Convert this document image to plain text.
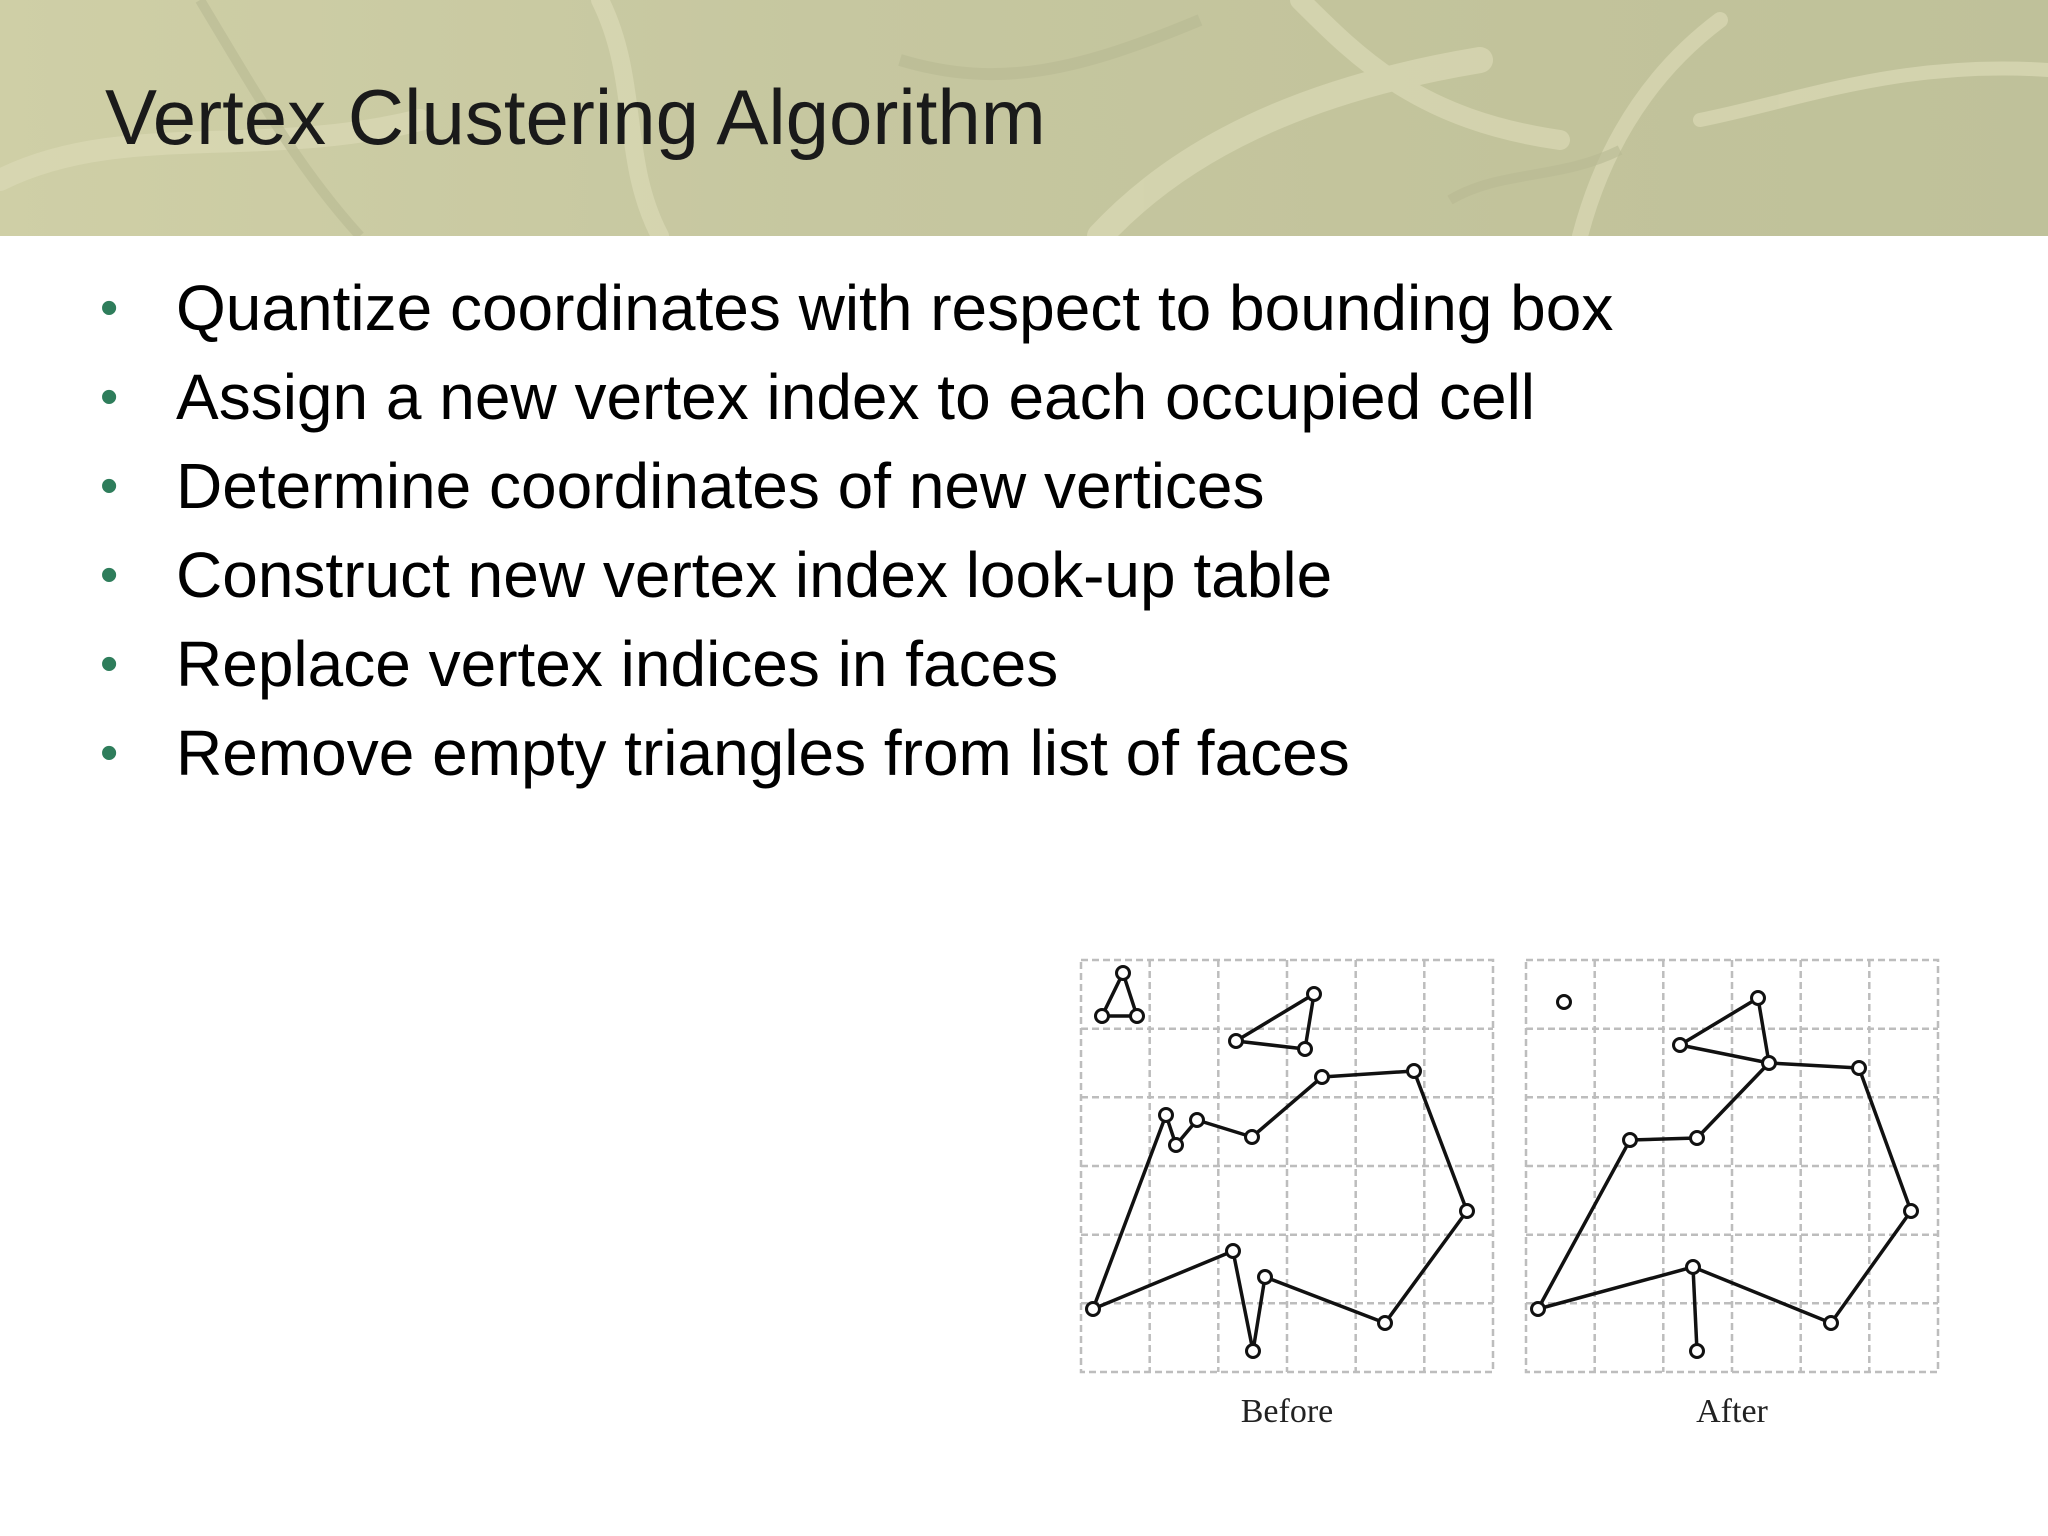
Vertex Clustering Algorithm
• Quantize coordinates with respect to bounding box
• Assign a new vertex index to each occupied cell
• Determine coordinates of new vertices
• Construct new vertex index look-up table
• Replace vertex indices in faces
• Remove empty triangles from list of faces
Before	After
